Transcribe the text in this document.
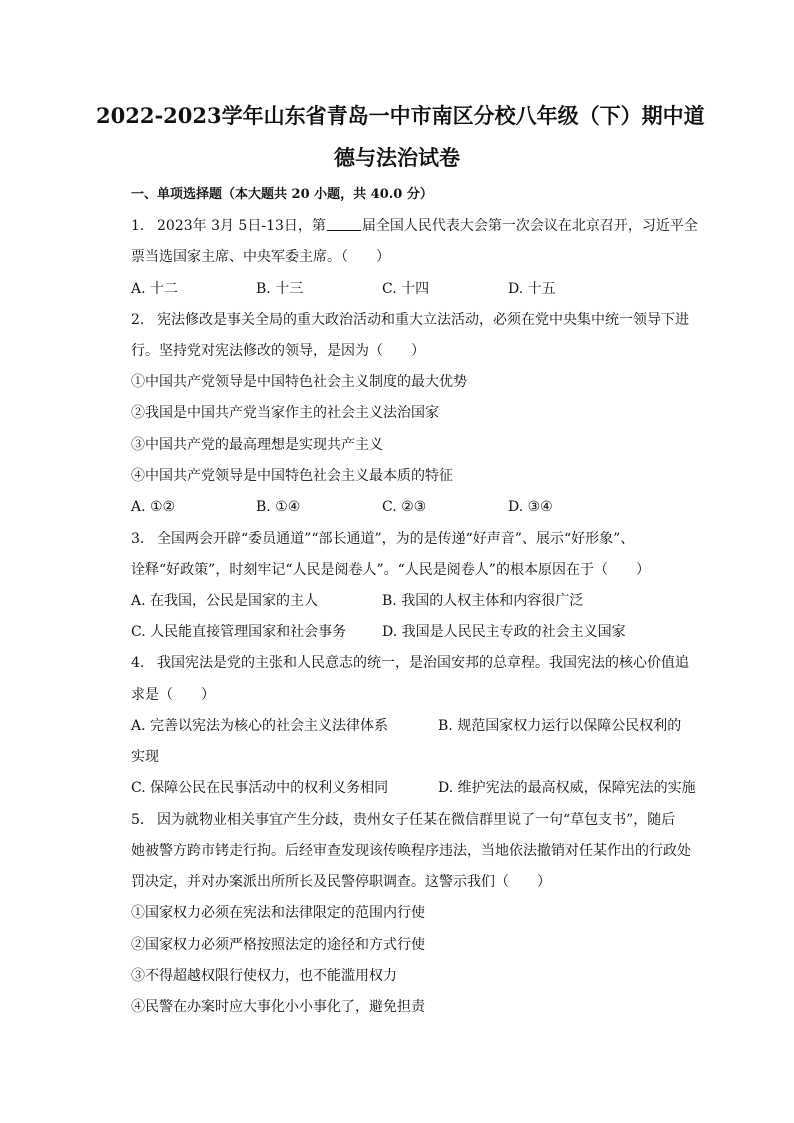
2022-2023学年山东省青岛一中市南区分校八年级（下）期中道
德与法治试卷
一、单项选择题（本大题共 20 小题，共 40.0 分）
1. 2023年 3月 5日-13日，第	届全国人民代表大会第一次会议在北京召开，习近平全
票当选国家主席、中央军委主席。（　　）
A. 十二	B. 十三	C. 十四	D. 十五
2. 宪法修改是事关全局的重大政治活动和重大立法活动，必须在党中央集中统一领导下进
行。坚持党对宪法修改的领导，是因为（　　）
①中国共产党领导是中国特色社会主义制度的最大优势
②我国是中国共产党当家作主的社会主义法治国家
③中国共产党的最高理想是实现共产主义
④中国共产党领导是中国特色社会主义最本质的特征
A. ①②	B. ①④	C. ②③	D. ③④
3. 全国两会开辟“委员通道”“部长通道”，为的是传递“好声音”、展示“好形象”、
诠释“好政策”，时刻牢记“人民是阅卷人”。“人民是阅卷人”的根本原因在于（　　）
A. 在我国，公民是国家的主人	B. 我国的人权主体和内容很广泛
C. 人民能直接管理国家和社会事务	D. 我国是人民民主专政的社会主义国家
4. 我国宪法是党的主张和人民意志的统一，是治国安邦的总章程。我国宪法的核心价值追
求是（　　）
A. 完善以宪法为核心的社会主义法律体系	B. 规范国家权力运行以保障公民权利的
实现
C. 保障公民在民事活动中的权利义务相同	D. 维护宪法的最高权威，保障宪法的实施
5. 因为就物业相关事宜产生分歧，贵州女子任某在微信群里说了一句“草包支书”，随后
她被警方跨市铐走行拘。后经审查发现该传唤程序违法，当地依法撤销对任某作出的行政处
罚决定，并对办案派出所所长及民警停职调查。这警示我们（　　）
①国家权力必须在宪法和法律限定的范围内行使
②国家权力必须严格按照法定的途径和方式行使
③不得超越权限行使权力，也不能滥用权力
④民警在办案时应大事化小小事化了，避免担责
